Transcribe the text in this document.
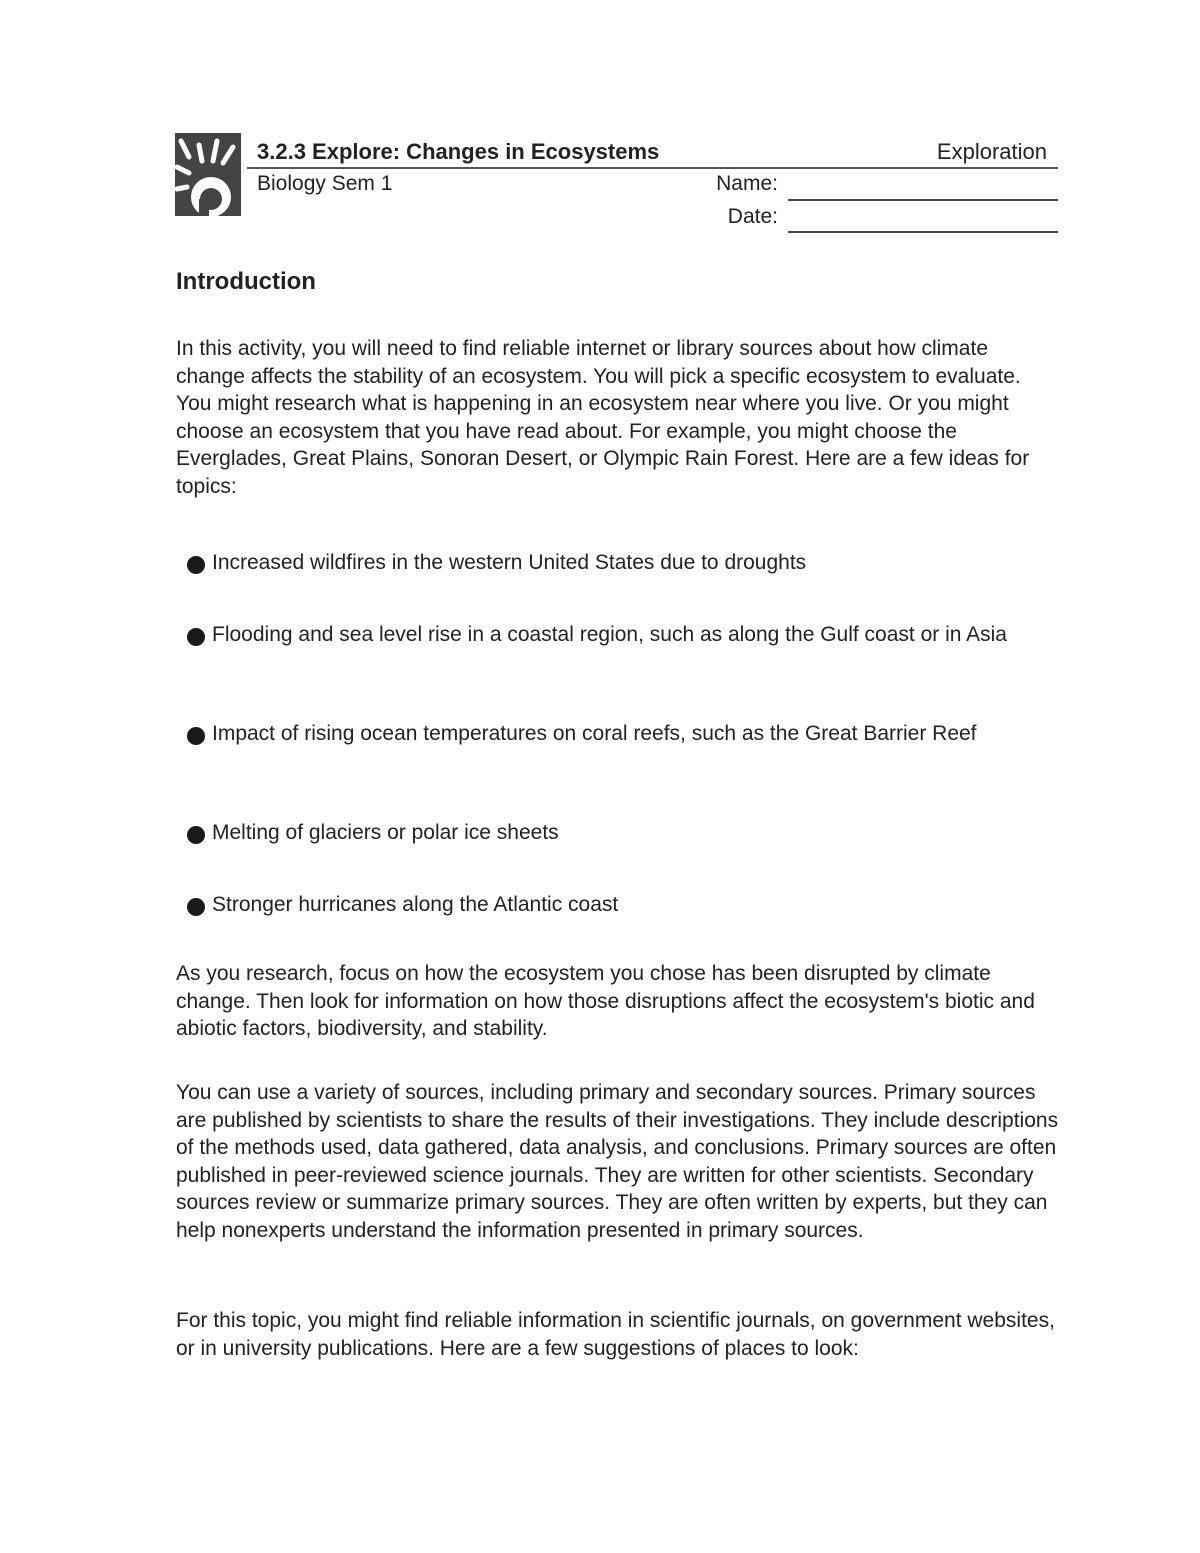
3.2.3 Explore: Changes in Ecosystems	Exploration
Biology Sem 1	Name:
Date:
Introduction

In this activity, you will need to find reliable internet or library sources about how climate change affects the stability of an ecosystem. You will pick a specific ecosystem to evaluate. You might research what is happening in an ecosystem near where you live. Or you might choose an ecosystem that you have read about. For example, you might choose the Everglades, Great Plains, Sonoran Desert, or Olympic Rain Forest. Here are a few ideas for topics:

Increased wildfires in the western United States due to droughts
Flooding and sea level rise in a coastal region, such as along the Gulf coast or in Asia
Impact of rising ocean temperatures on coral reefs, such as the Great Barrier Reef
Melting of glaciers or polar ice sheets
Stronger hurricanes along the Atlantic coast

As you research, focus on how the ecosystem you chose has been disrupted by climate change. Then look for information on how those disruptions affect the ecosystem's biotic and abiotic factors, biodiversity, and stability.

You can use a variety of sources, including primary and secondary sources. Primary sources are published by scientists to share the results of their investigations. They include descriptions of the methods used, data gathered, data analysis, and conclusions. Primary sources are often published in peer-reviewed science journals. They are written for other scientists. Secondary sources review or summarize primary sources. They are often written by experts, but they can help nonexperts understand the information presented in primary sources.

For this topic, you might find reliable information in scientific journals, on government websites, or in university publications. Here are a few suggestions of places to look:
